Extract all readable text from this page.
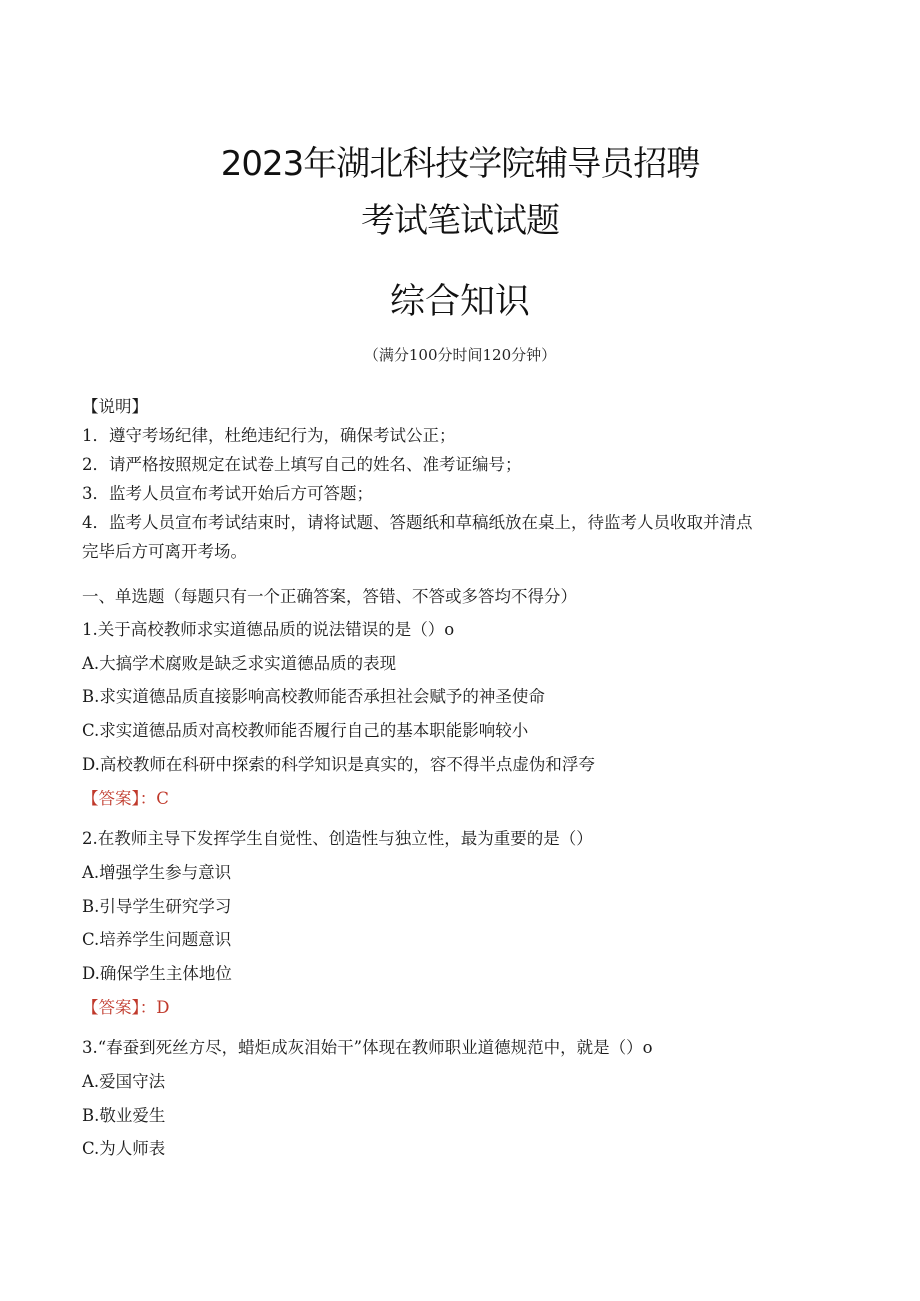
2023年湖北科技学院辅导员招聘
考试笔试试题
综合知识
（满分100分时间120分钟）
【说明】
1．遵守考场纪律，杜绝违纪行为，确保考试公正；
2．请严格按照规定在试卷上填写自己的姓名、准考证编号；
3．监考人员宣布考试开始后方可答题；
4．监考人员宣布考试结束时，请将试题、答题纸和草稿纸放在桌上，待监考人员收取并清点
完毕后方可离开考场。
一、单选题（每题只有一个正确答案，答错、不答或多答均不得分）
1.关于高校教师求实道德品质的说法错误的是（）o
A.大搞学术腐败是缺乏求实道德品质的表现
B.求实道德品质直接影响高校教师能否承担社会赋予的神圣使命
C.求实道德品质对高校教师能否履行自己的基本职能影响较小
D.高校教师在科研中探索的科学知识是真实的，容不得半点虚伪和浮夸
【答案】：C
2.在教师主导下发挥学生自觉性、创造性与独立性，最为重要的是（）
A.增强学生参与意识
B.引导学生研究学习
C.培养学生问题意识
D.确保学生主体地位
【答案】：D
3.“春蚕到死丝方尽，蜡炬成灰泪始干”体现在教师职业道德规范中，就是（）o
A.爱国守法
B.敬业爱生
C.为人师表
